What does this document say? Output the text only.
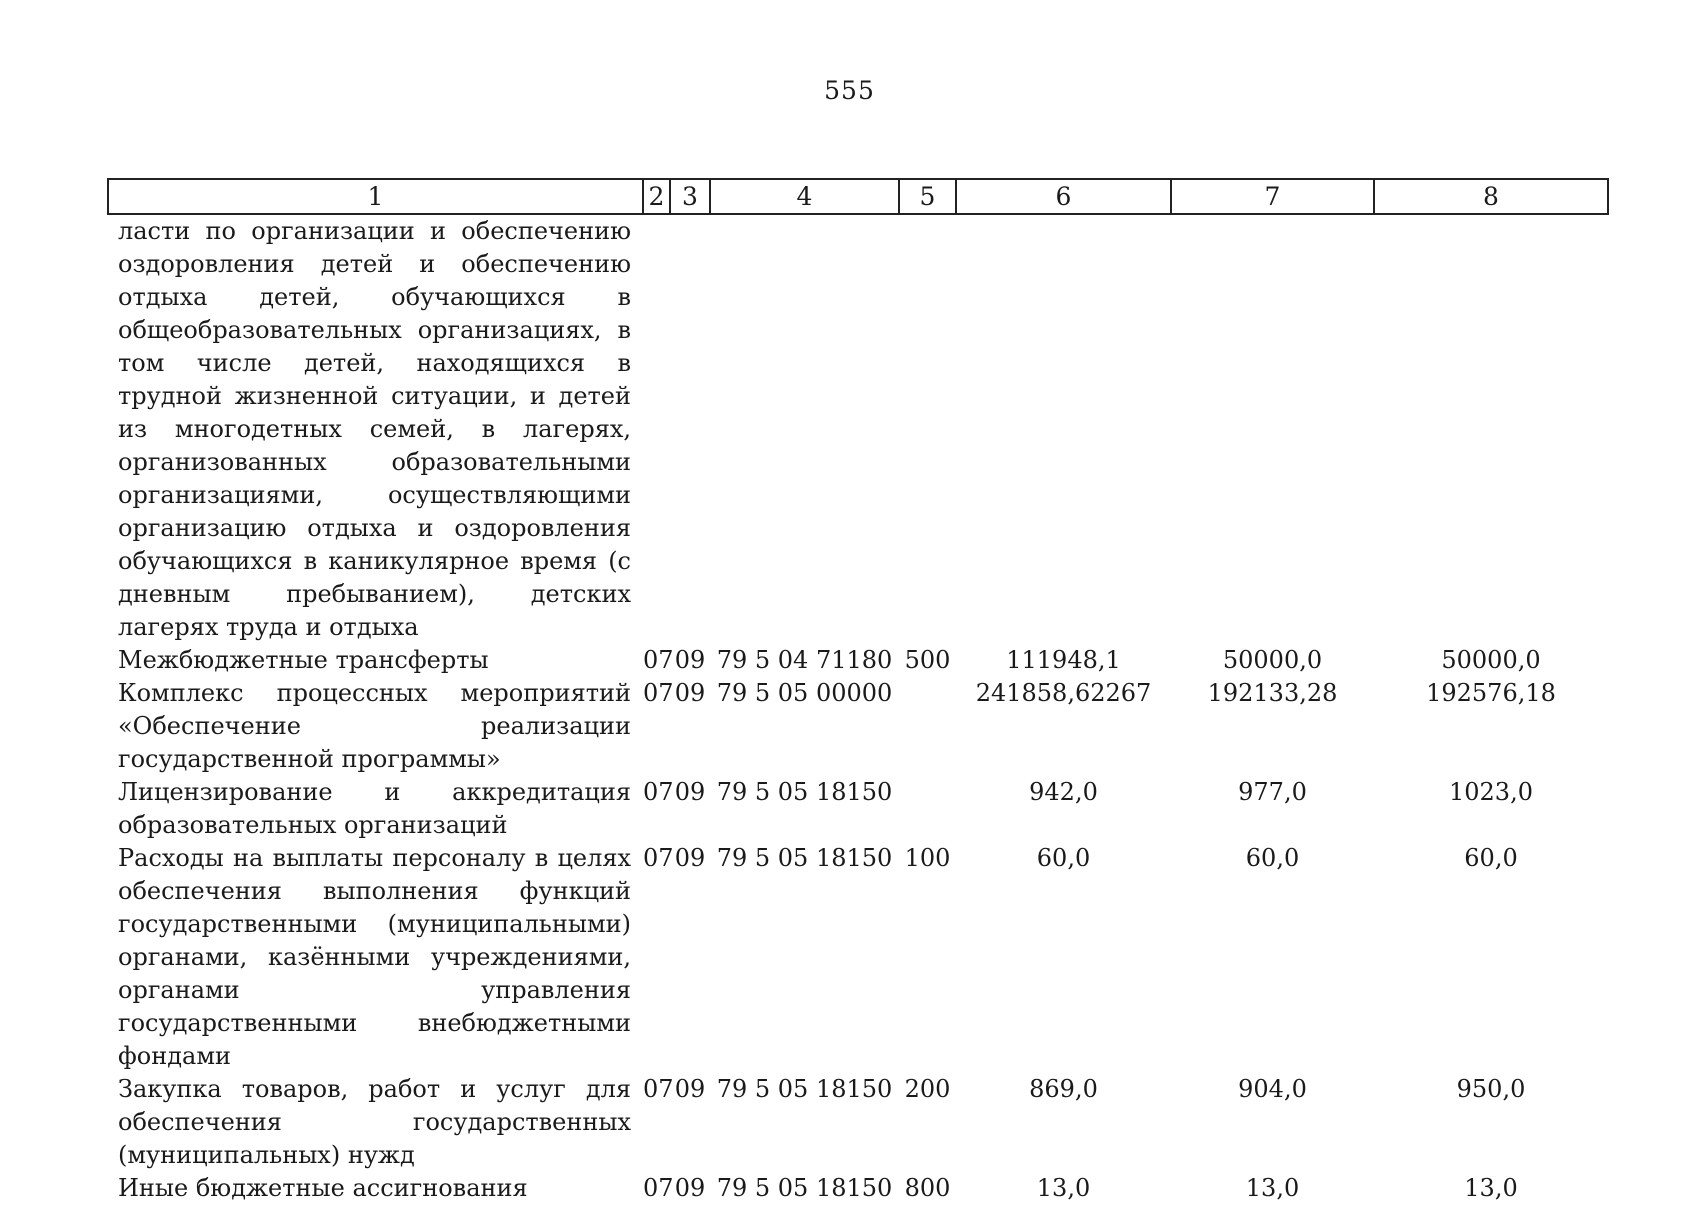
555
1	2	3	4	5	6	7	8
ласти по организации и обеспечению оздоровления детей и обеспечению отдыха детей, обучающихся в общеобразовательных организациях, в том числе детей, находящихся в трудной жизненной ситуации, и детей из многодетных семей, в лагерях, организованных образовательными организациями, осуществляющими организацию отдыха и оздоровления обучающихся в каникулярное время (с дневным пребыванием), детских лагерях труда и отдыха							
Межбюджетные трансферты	07	09	79 5 04 71180	500	111948,1	50000,0	50000,0
Комплекс процессных мероприятий «Обеспечение реализации государственной программы»	07	09	79 5 05 00000		241858,62267	192133,28	192576,18
Лицензирование и аккредитация образовательных организаций	07	09	79 5 05 18150		942,0	977,0	1023,0
Расходы на выплаты персоналу в целях обеспечения выполнения функций государственными (муниципальными) органами, казёнными учреждениями, органами управления государственными внебюджетными фондами	07	09	79 5 05 18150	100	60,0	60,0	60,0
Закупка товаров, работ и услуг для обеспечения государственных (муниципальных) нужд	07	09	79 5 05 18150	200	869,0	904,0	950,0
Иные бюджетные ассигнования	07	09	79 5 05 18150	800	13,0	13,0	13,0
